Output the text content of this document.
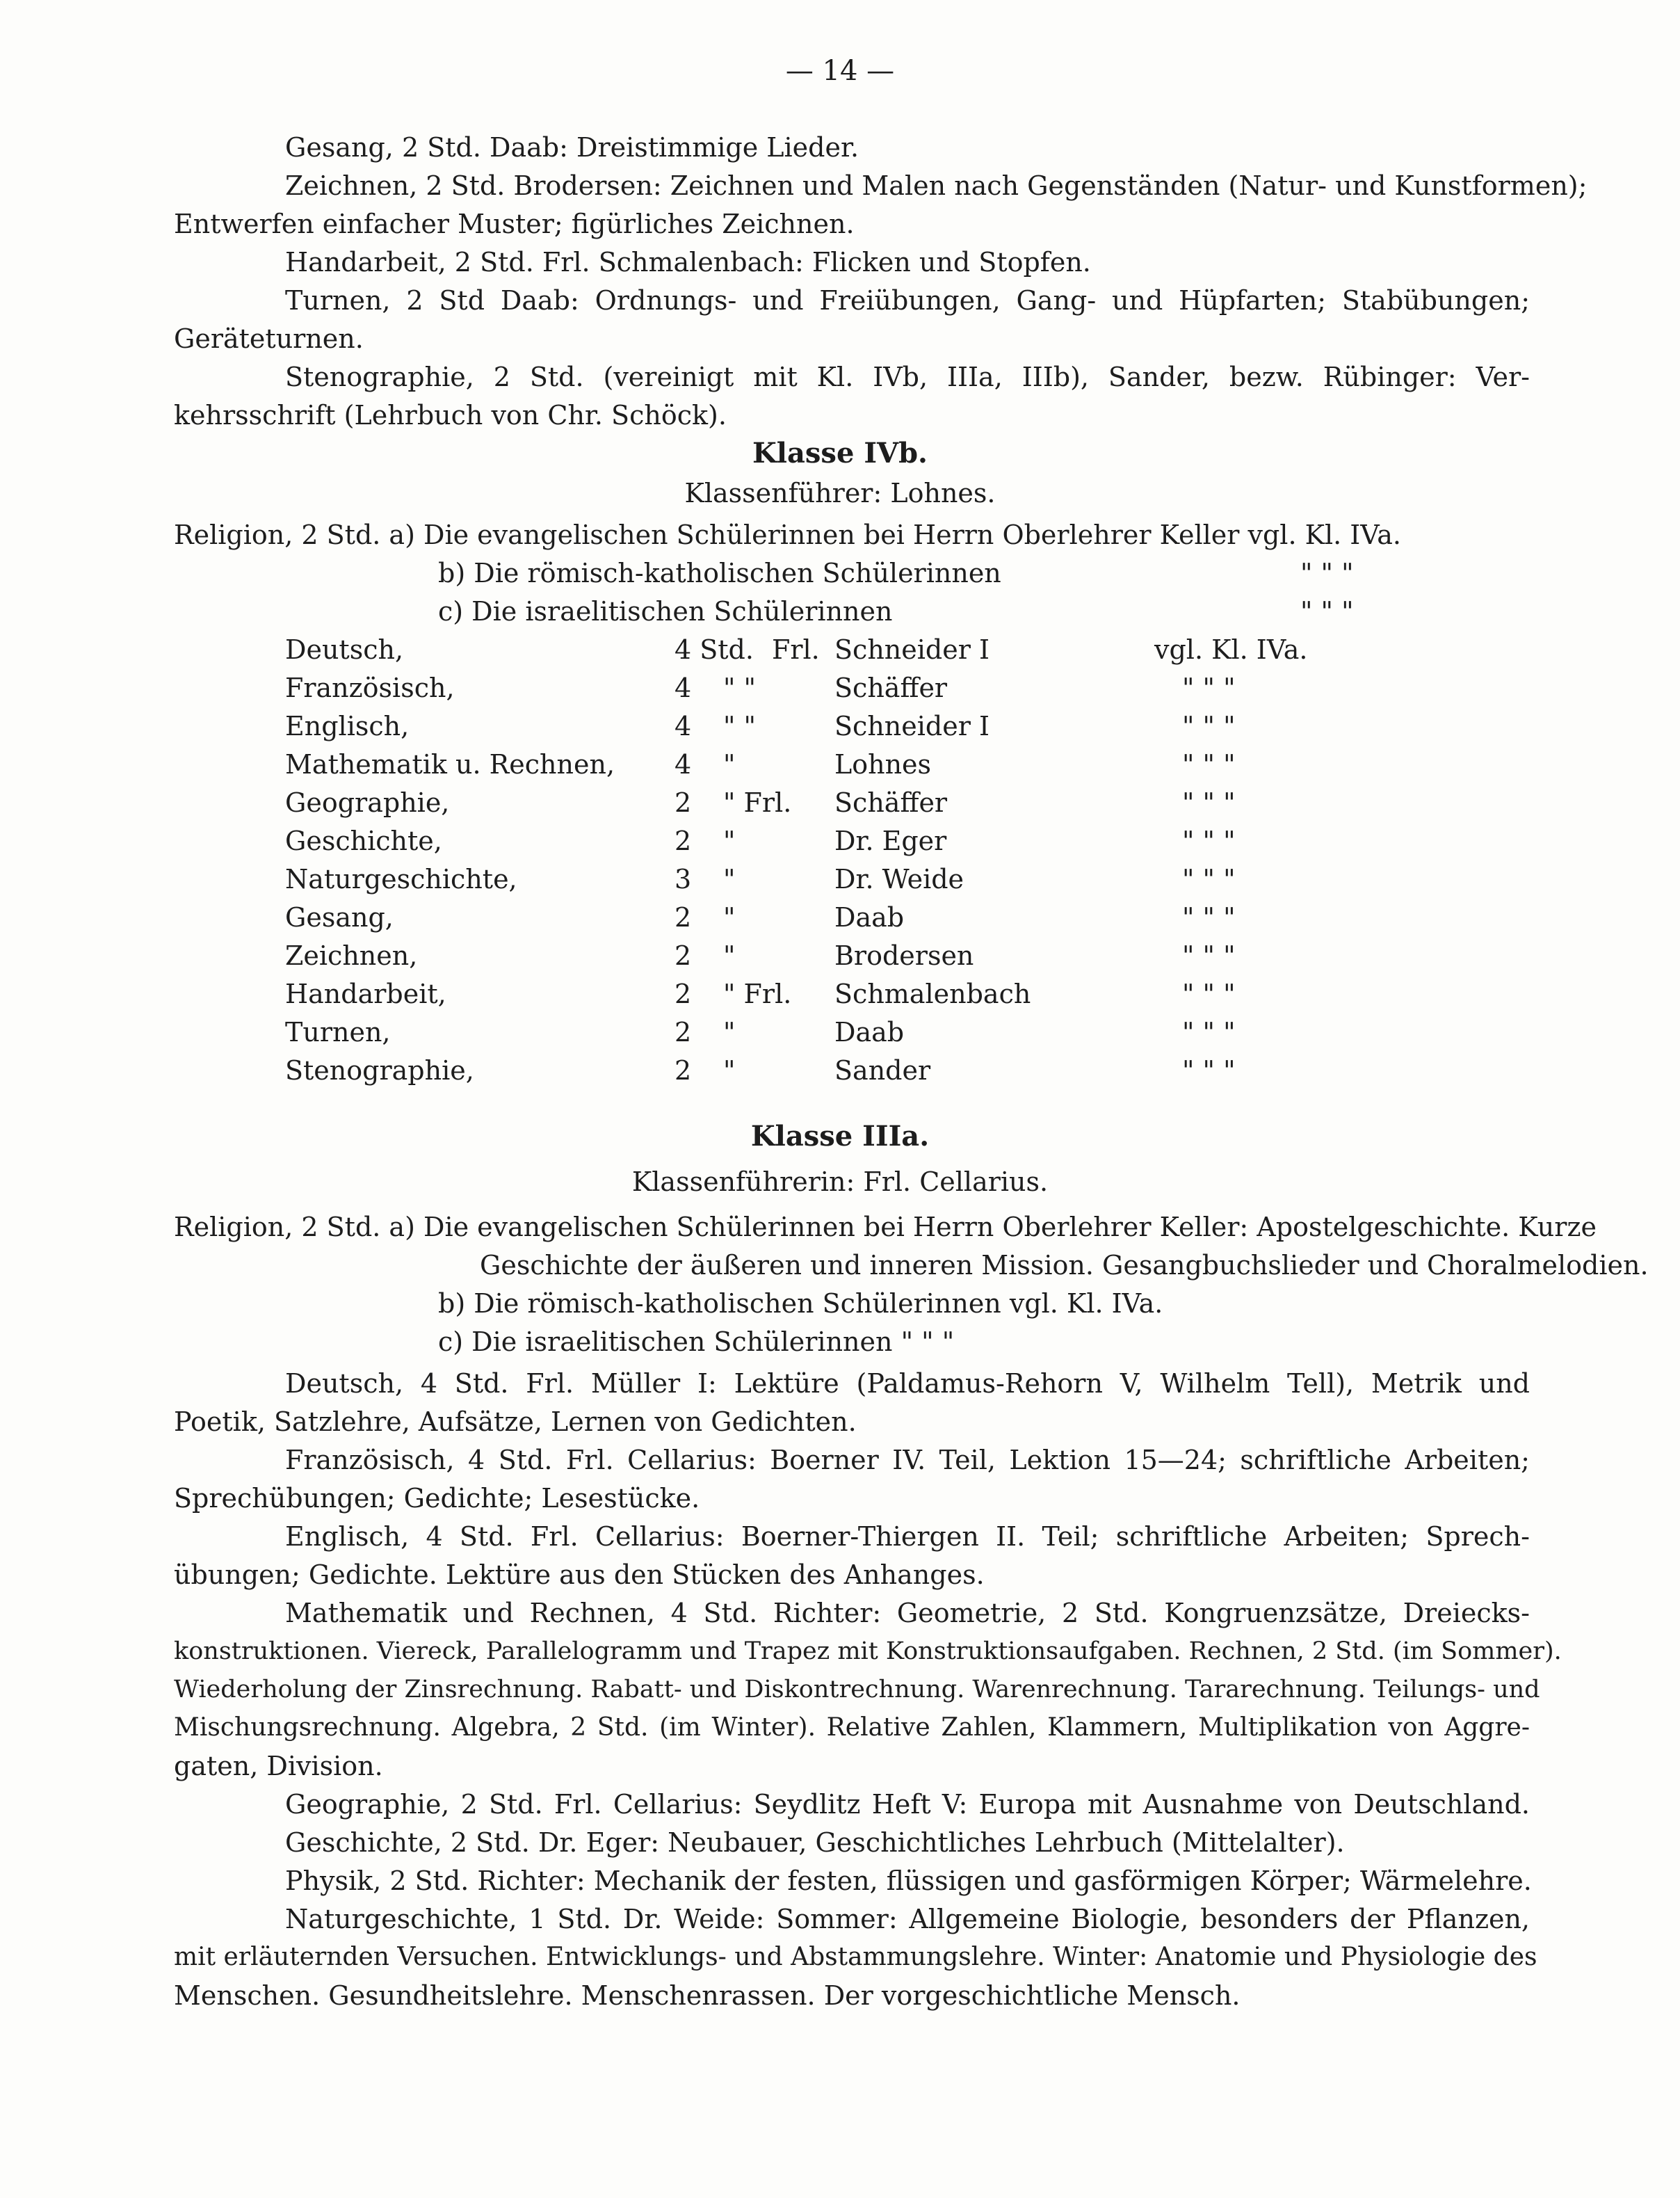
— 14 —
Gesang, 2 Std. Daab: Dreistimmige Lieder.
Zeichnen, 2 Std. Brodersen: Zeichnen und Malen nach Gegenständen (Natur- und Kunstformen);
Entwerfen einfacher Muster; figürliches Zeichnen.
Handarbeit, 2 Std. Frl. Schmalenbach: Flicken und Stopfen.
Turnen, 2 Std Daab: Ordnungs- und Freiübungen, Gang- und Hüpfarten; Stabübungen;
Geräteturnen.
Stenographie, 2 Std. (vereinigt mit Kl. IVb, IIIa, IIIb), Sander, bezw. Rübinger: Ver-
kehrsschrift (Lehrbuch von Chr. Schöck).
Klasse IVb.
Klassenführer: Lohnes.
Religion, 2 Std. a) Die evangelischen Schülerinnen bei Herrn Oberlehrer Keller vgl. Kl. IVa.
b) Die römisch-katholischen Schülerinnen	" " "
c) Die israelitischen Schülerinnen	" " "
Deutsch,	4 Std. Frl. Schneider I	vgl. Kl. IVa.
Französisch,	4 " "	Schäffer	" " "
Englisch,	4 " "	Schneider I	" " "
Mathematik u. Rechnen, 4 "	Lohnes	" " "
Geographie,	2 " Frl. Schäffer	" " "
Geschichte,	2 "	Dr. Eger	" " "
Naturgeschichte,	3 "	Dr. Weide	" " "
Gesang,	2 "	Daab	" " "
Zeichnen,	2 "	Brodersen	" " "
Handarbeit,	2 " Frl. Schmalenbach	" " "
Turnen,	2 "	Daab	" " "
Stenographie,	2 "	Sander	" " "
Klasse IIIa.
Klassenführerin: Frl. Cellarius.
Religion, 2 Std. a) Die evangelischen Schülerinnen bei Herrn Oberlehrer Keller: Apostelgeschichte. Kurze
Geschichte der äußeren und inneren Mission. Gesangbuchslieder und Choralmelodien.
b) Die römisch-katholischen Schülerinnen vgl. Kl. IVa.
c) Die israelitischen Schülerinnen " " "
Deutsch, 4 Std. Frl. Müller I: Lektüre (Paldamus-Rehorn V, Wilhelm Tell), Metrik und
Poetik, Satzlehre, Aufsätze, Lernen von Gedichten.
Französisch, 4 Std. Frl. Cellarius: Boerner IV. Teil, Lektion 15—24; schriftliche Arbeiten;
Sprechübungen; Gedichte; Lesestücke.
Englisch, 4 Std. Frl. Cellarius: Boerner-Thiergen II. Teil; schriftliche Arbeiten; Sprech-
übungen; Gedichte. Lektüre aus den Stücken des Anhanges.
Mathematik und Rechnen, 4 Std. Richter: Geometrie, 2 Std. Kongruenzsätze, Dreiecks-
konstruktionen. Viereck, Parallelogramm und Trapez mit Konstruktionsaufgaben. Rechnen, 2 Std. (im Sommer).
Wiederholung der Zinsrechnung. Rabatt- und Diskontrechnung. Warenrechnung. Tararechnung. Teilungs- und
Mischungsrechnung. Algebra, 2 Std. (im Winter). Relative Zahlen, Klammern, Multiplikation von Aggre-
gaten, Division.
Geographie, 2 Std. Frl. Cellarius: Seydlitz Heft V: Europa mit Ausnahme von Deutschland.
Geschichte, 2 Std. Dr. Eger: Neubauer, Geschichtliches Lehrbuch (Mittelalter).
Physik, 2 Std. Richter: Mechanik der festen, flüssigen und gasförmigen Körper; Wärmelehre.
Naturgeschichte, 1 Std. Dr. Weide: Sommer: Allgemeine Biologie, besonders der Pflanzen,
mit erläuternden Versuchen. Entwicklungs- und Abstammungslehre. Winter: Anatomie und Physiologie des
Menschen. Gesundheitslehre. Menschenrassen. Der vorgeschichtliche Mensch.
